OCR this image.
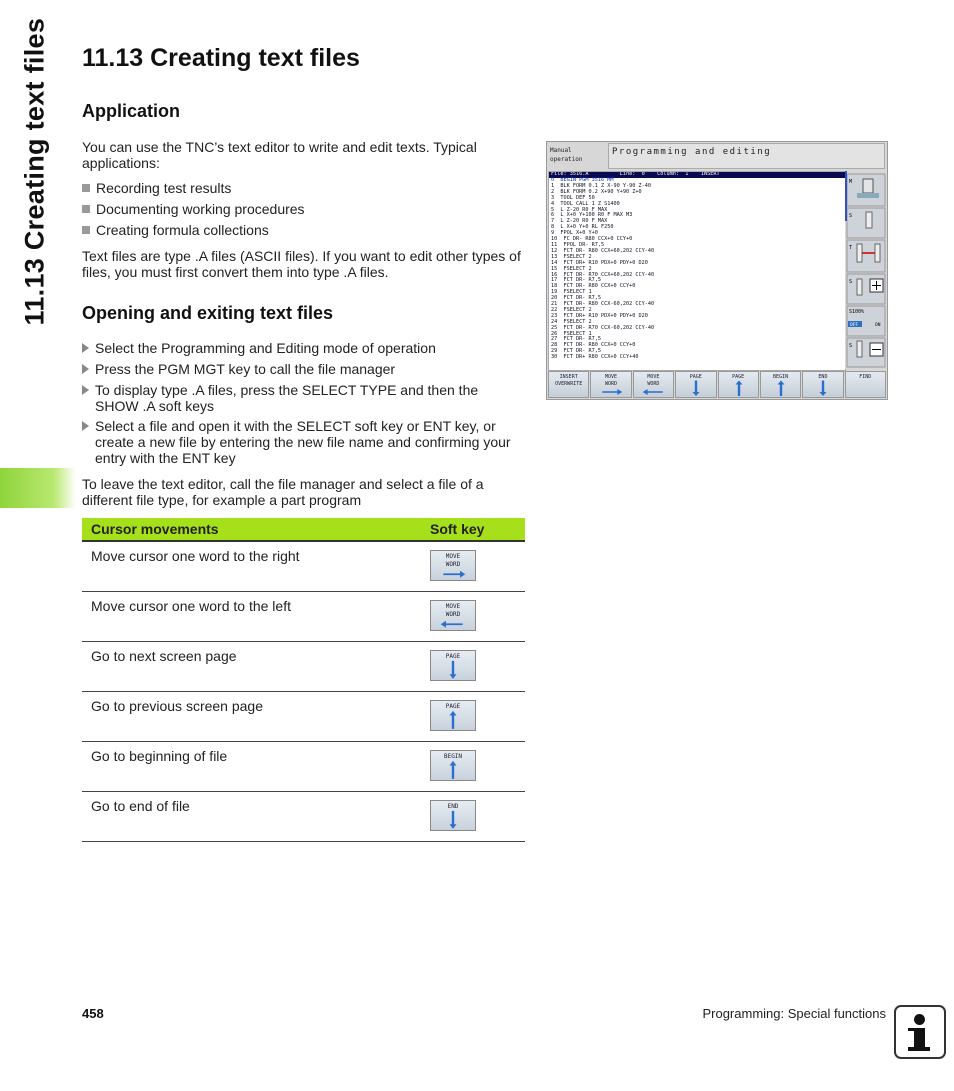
11.13 Creating text files 11.13 Creating text files
Application
You can use the TNC’s text editor to write and edit texts. Typical applications:
Recording test results
Documenting working procedures
Creating formula collections
Text files are type .A files (ASCII files). If you want to edit other types of files, you must first convert them into type .A files.
Opening and exiting text files
Select the Programming and Editing mode of operation
Press the PGM MGT key to call the file manager
To display type .A files, press the SELECT TYPE and then the SHOW .A soft keys
Select a file and open it with the SELECT soft key or ENT key, or create a new file by entering the new file name and confirming your entry with the ENT key
To leave the text editor, call the file manager and select a file of a different file type, for example a part program
Cursor movements	Soft key
Move cursor one word to the right	MOVE
WORD

Move cursor one word to the left	MOVE
WORD

Go to next screen page	PAGE

Go to previous screen page	PAGE

Go to beginning of file	BEGIN

Go to end of file	END
Manual
operation
Programming and editing
File: 3516.A          Line:  0    Column:  1    INSERT
0  BEGIN PGM 3516 MM
1  BLK FORM 0.1 Z X-90 Y-90 Z-40
2  BLK FORM 0.2 X+90 Y+90 Z+0
3  TOOL DEF 50
4  TOOL CALL 1 Z S1400
5  L Z-20 R0 F MAX
6  L X+0 Y+100 R0 F MAX M3
7  L Z-20 R0 F MAX
8  L X+0 Y+0 RL F250
9  FPOL X+0 Y+0
10  FC DR- R80 CCX+0 CCY+0
11  FPOL DR- R7,5
12  FCT DR- R80 CCX+60,202 CCY-40
13  FSELECT 2
14  FCT DR+ R10 PDX+0 PDY+0 D20
15  FSELECT 2
16  FCT DR- R70 CCX+60,202 CCY-40
17  FCT DR- R7,5
18  FCT DR- R80 CCX+0 CCY+0
19  FSELECT 1
20  FCT DR- R7,5
21  FCT DR- R80 CCX-60,202 CCY-40
22  FSELECT 2
23  FCT DR+ R10 PDX+0 PDY+0 D20
24  FSELECT 2
25  FCT DR- R70 CCX-60,202 CCY-40
26  FSELECT 1
27  FCT DR- R7,5
28  FCT DR- R80 CCX+0 CCY+0
29  FCT DR- R7,5
30  FCT DR+ R80 CCX+0 CCY+40
M
S
T
S
S100%
OFF	ON
S
INSERT
OVERWRITE
MOVE
WORD
MOVE
WORD
PAGE	PAGE	BEGIN	END	FIND
458	Programming: Special functions
